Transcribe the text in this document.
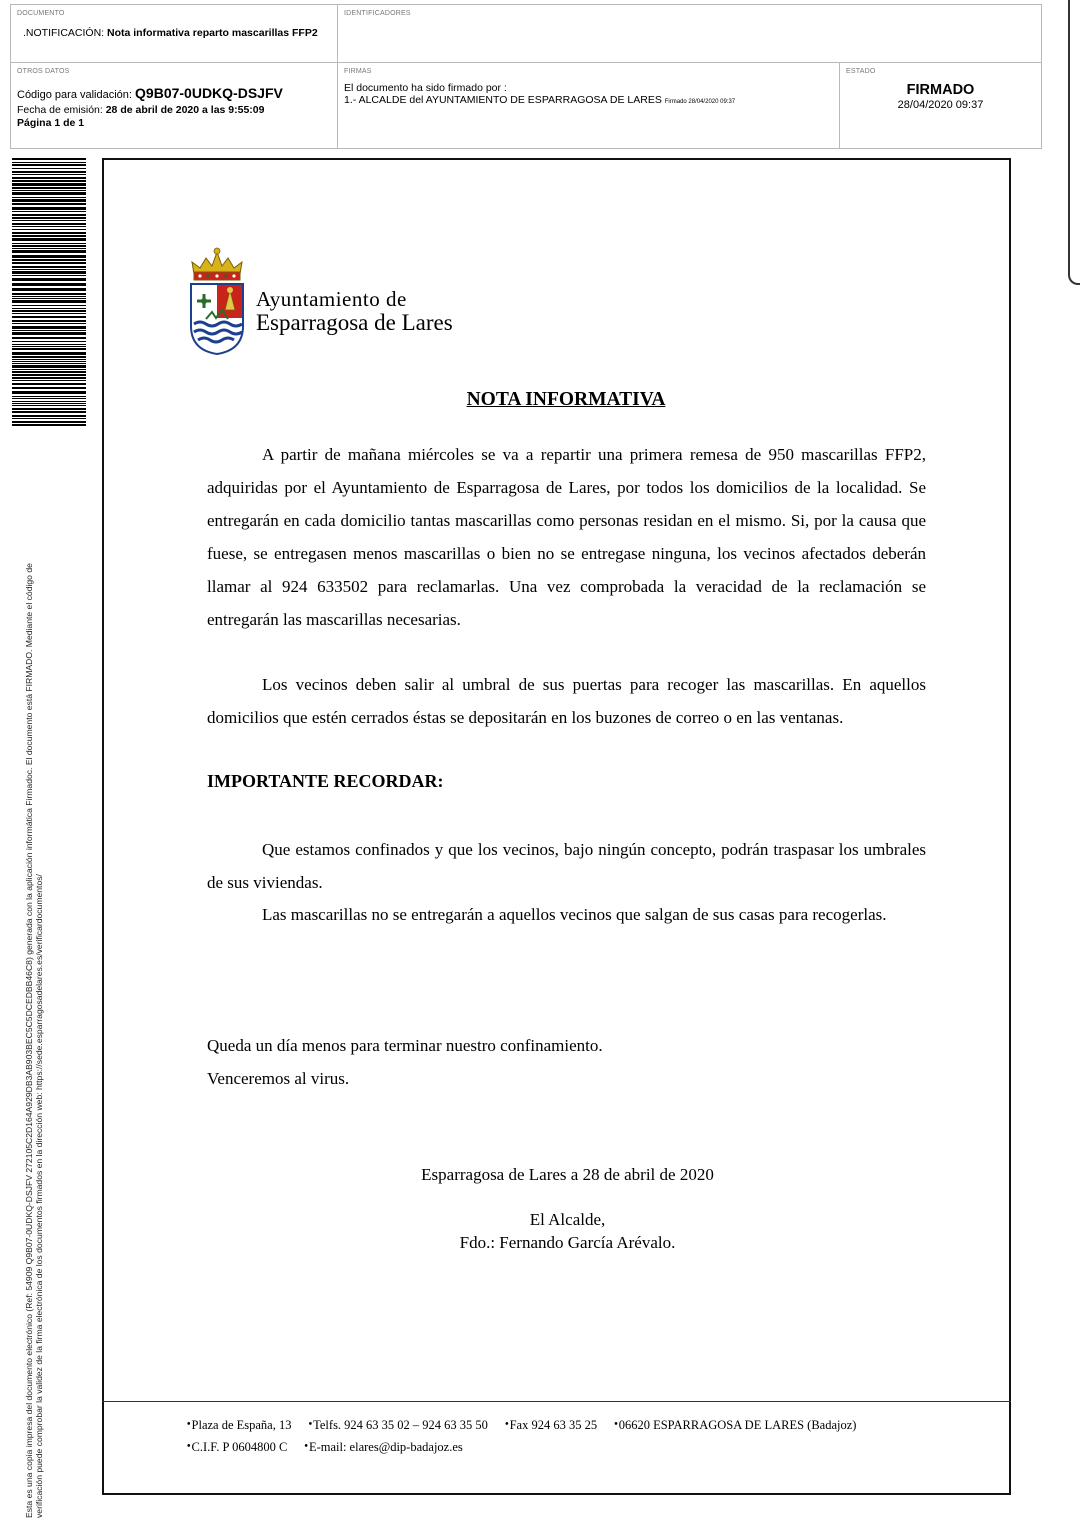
DOCUMENTO
.NOTIFICACIÓN: Nota informativa reparto mascarillas FFP2
IDENTIFICADORES
OTROS DATOS
Código para validación: Q9B07-0UDKQ-DSJFV
Fecha de emisión: 28 de abril de 2020 a las 9:55:09
Página 1 de 1
FIRMAS
El documento ha sido firmado por :
1.- ALCALDE del AYUNTAMIENTO DE ESPARRAGOSA DE LARES Firmado 28/04/2020 09:37
ESTADO
FIRMADO
28/04/2020 09:37
Esta es una copia impresa del documento electrónico (Ref: 54909 Q9B07-0UDKQ-DSJFV 272105C2D164A929DB3AB903BEC5C5DCEDBB46C8) generada con la aplicación informática Firmadoc. El documento está FIRMADO. Mediante el código de verificación puede comprobar la validez de la firma electrónica de los documentos firmados en la dirección web: https://sede.esparragosadelares.es/verificardocumentos/
Ayuntamiento de
Esparragosa de Lares
NOTA INFORMATIVA
A partir de mañana miércoles se va a repartir una primera remesa de 950 mascarillas FFP2, adquiridas por el Ayuntamiento de Esparragosa de Lares, por todos los domicilios de la localidad. Se entregarán en cada domicilio tantas mascarillas como personas residan en el mismo. Si, por la causa que fuese, se entregasen menos mascarillas o bien no se entregase ninguna, los vecinos afectados deberán llamar al 924 633502 para reclamarlas. Una vez comprobada la veracidad de la reclamación se entregarán las mascarillas necesarias.
Los vecinos deben salir al umbral de sus puertas para recoger las mascarillas. En aquellos domicilios que estén cerrados éstas se depositarán en los buzones de correo o en las ventanas.
IMPORTANTE RECORDAR:
Que estamos confinados y que los vecinos, bajo ningún concepto, podrán traspasar los umbrales de sus viviendas.
Las mascarillas no se entregarán a aquellos vecinos que salgan de sus casas para recogerlas.
Queda un día menos para terminar nuestro confinamiento.
Venceremos al virus.
Esparragosa de Lares a 28 de abril de 2020
El Alcalde,
Fdo.: Fernando García Arévalo.
•Plaza de España, 13 •Telfs. 924 63 35 02 – 924 63 35 50 •Fax 924 63 35 25 •06620 ESPARRAGOSA DE LARES (Badajoz)
•C.I.F. P 0604800 C •E-mail: elares@dip-badajoz.es
